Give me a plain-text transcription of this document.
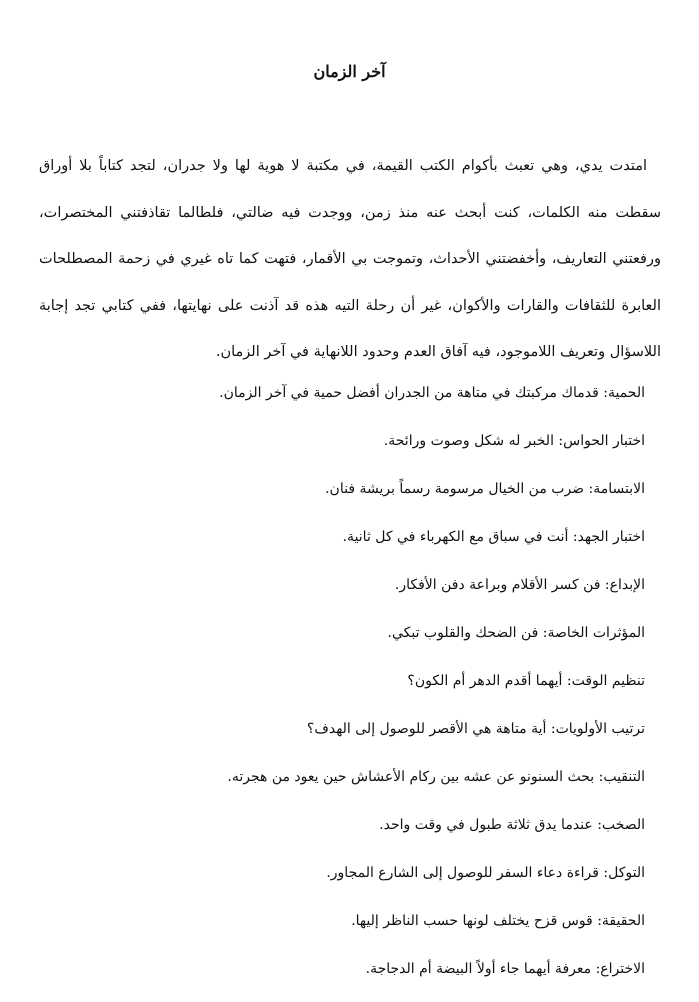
آخر الزمان

امتدت يدي، وهي تعبث بأكوام الكتب القيمة، في مكتبة لا هوية لها ولا جدران، لتجد كتاباً بلا أوراق سقطت منه الكلمات، كنت أبحث عنه منذ زمن، ووجدت فيه ضالتي، فلطالما تقاذفتني المختصرات، ورفعتني التعاريف، وأخفضتني الأحداث، وتموجت بي الأقمار، فتهت كما تاه غيري في زحمة المصطلحات العابرة للثقافات والقارات والأكوان، غير أن رحلة التيه هذه قد آذنت على نهايتها، ففي كتابي تجد إجابة اللاسؤال وتعريف اللاموجود، فيه آفاق العدم وحدود اللانهاية في آخر الزمان.

الحمية: قدماك مركبتك في متاهة من الجدران أفضل حمية في آخر الزمان.
اختبار الحواس: الخبر له شكل وصوت ورائحة.
الابتسامة: ضرب من الخيال مرسومة رسماً بريشة فنان.
اختبار الجهد: أنت في سباق مع الكهرباء في كل ثانية.
الإبداع: فن كسر الأقلام وبراعة دفن الأفكار.
المؤثرات الخاصة: فن الضحك والقلوب تبكي.
تنظيم الوقت: أيهما أقدم الدهر أم الكون؟
ترتيب الأولويات: أية متاهة هي الأقصر للوصول إلى الهدف؟
التنقيب: بحث السنونو عن عشه بين ركام الأعشاش حين يعود من هجرته.
الصخب: عندما يدق ثلاثة طبول في وقت واحد.
التوكل: قراءة دعاء السفر للوصول إلى الشارع المجاور.
الحقيقة: قوس قزح يختلف لونها حسب الناظر إليها.
الاختراع: معرفة أيهما جاء أولاً البيضة أم الدجاجة.
